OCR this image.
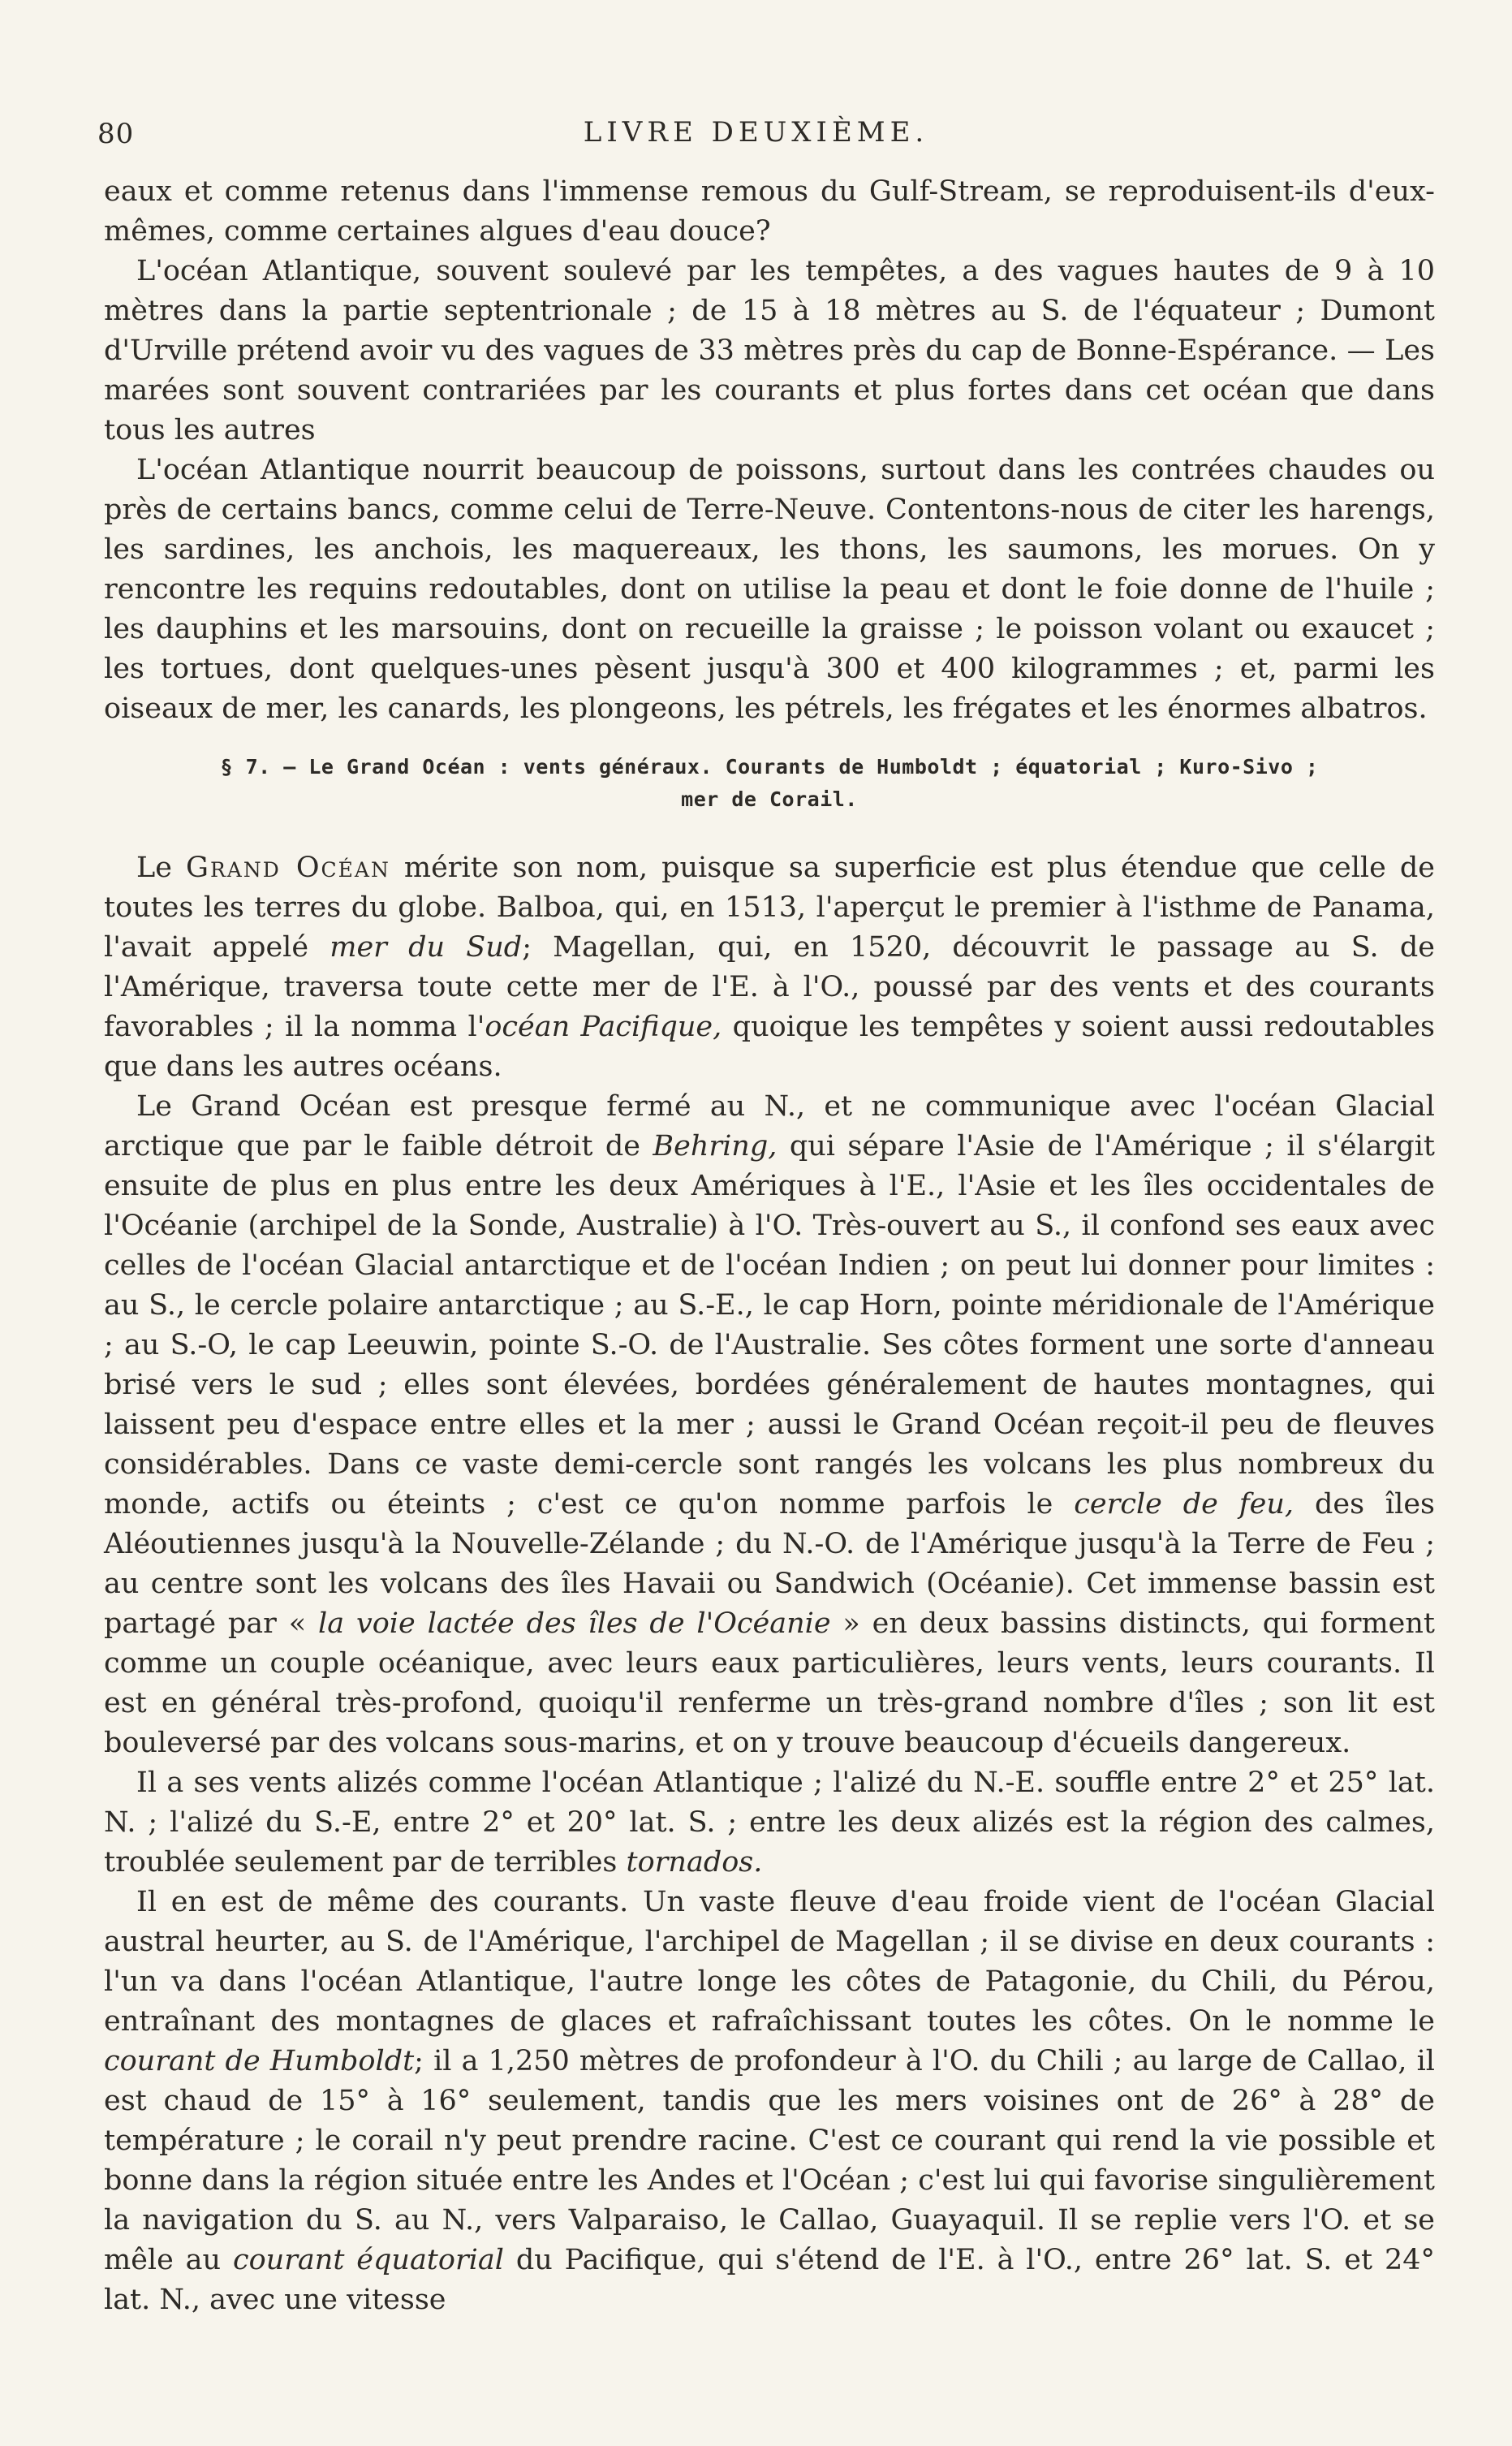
80	LIVRE DEUXIÈME.

eaux et comme retenus dans l'immense remous du Gulf-Stream, se reproduisent-ils d'eux-mêmes, comme certaines algues d'eau douce?

L'océan Atlantique, souvent soulevé par les tempêtes, a des vagues hautes de 9 à 10 mètres dans la partie septentrionale ; de 15 à 18 mètres au S. de l'équateur ; Dumont d'Urville prétend avoir vu des vagues de 33 mètres près du cap de Bonne-Espérance. — Les marées sont souvent contrariées par les courants et plus fortes dans cet océan que dans tous les autres

L'océan Atlantique nourrit beaucoup de poissons, surtout dans les contrées chaudes ou près de certains bancs, comme celui de Terre-Neuve. Contentons-nous de citer les harengs, les sardines, les anchois, les maquereaux, les thons, les saumons, les morues. On y rencontre les requins redoutables, dont on utilise la peau et dont le foie donne de l'huile ; les dauphins et les marsouins, dont on recueille la graisse ; le poisson volant ou exaucet ; les tortues, dont quelques-unes pèsent jusqu'à 300 et 400 kilogrammes ; et, parmi les oiseaux de mer, les canards, les plongeons, les pétrels, les frégates et les énormes albatros.

§ 7. — Le Grand Océan : vents généraux. Courants de Humboldt ; équatorial ; Kuro-Sivo ;
mer de Corail.

Le Grand Océan mérite son nom, puisque sa superficie est plus étendue que celle de toutes les terres du globe. Balboa, qui, en 1513, l'aperçut le premier à l'isthme de Panama, l'avait appelé mer du Sud; Magellan, qui, en 1520, découvrit le passage au S. de l'Amérique, traversa toute cette mer de l'E. à l'O., poussé par des vents et des courants favorables ; il la nomma l'océan Pacifique, quoique les tempêtes y soient aussi redoutables que dans les autres océans.

Le Grand Océan est presque fermé au N., et ne communique avec l'océan Glacial arctique que par le faible détroit de Behring, qui sépare l'Asie de l'Amérique ; il s'élargit ensuite de plus en plus entre les deux Amériques à l'E., l'Asie et les îles occidentales de l'Océanie (archipel de la Sonde, Australie) à l'O. Très-ouvert au S., il confond ses eaux avec celles de l'océan Glacial antarctique et de l'océan Indien ; on peut lui donner pour limites : au S., le cercle polaire antarctique ; au S.-E., le cap Horn, pointe méridionale de l'Amérique ; au S.-O, le cap Leeuwin, pointe S.-O. de l'Australie. Ses côtes forment une sorte d'anneau brisé vers le sud ; elles sont élevées, bordées généralement de hautes montagnes, qui laissent peu d'espace entre elles et la mer ; aussi le Grand Océan reçoit-il peu de fleuves considérables. Dans ce vaste demi-cercle sont rangés les volcans les plus nombreux du monde, actifs ou éteints ; c'est ce qu'on nomme parfois le cercle de feu, des îles Aléoutiennes jusqu'à la Nouvelle-Zélande ; du N.-O. de l'Amérique jusqu'à la Terre de Feu ; au centre sont les volcans des îles Havaii ou Sandwich (Océanie). Cet immense bassin est partagé par « la voie lactée des îles de l'Océanie » en deux bassins distincts, qui forment comme un couple océanique, avec leurs eaux particulières, leurs vents, leurs courants. Il est en général très-profond, quoiqu'il renferme un très-grand nombre d'îles ; son lit est bouleversé par des volcans sous-marins, et on y trouve beaucoup d'écueils dangereux.

Il a ses vents alizés comme l'océan Atlantique ; l'alizé du N.-E. souffle entre 2° et 25° lat. N. ; l'alizé du S.-E, entre 2° et 20° lat. S. ; entre les deux alizés est la région des calmes, troublée seulement par de terribles tornados.

Il en est de même des courants. Un vaste fleuve d'eau froide vient de l'océan Glacial austral heurter, au S. de l'Amérique, l'archipel de Magellan ; il se divise en deux courants : l'un va dans l'océan Atlantique, l'autre longe les côtes de Patagonie, du Chili, du Pérou, entraînant des montagnes de glaces et rafraîchissant toutes les côtes. On le nomme le courant de Humboldt; il a 1,250 mètres de profondeur à l'O. du Chili ; au large de Callao, il est chaud de 15° à 16° seulement, tandis que les mers voisines ont de 26° à 28° de température ; le corail n'y peut prendre racine. C'est ce courant qui rend la vie possible et bonne dans la région située entre les Andes et l'Océan ; c'est lui qui favorise singulièrement la navigation du S. au N., vers Valparaiso, le Callao, Guayaquil. Il se replie vers l'O. et se mêle au courant équatorial du Pacifique, qui s'étend de l'E. à l'O., entre 26° lat. S. et 24° lat. N., avec une vitesse
